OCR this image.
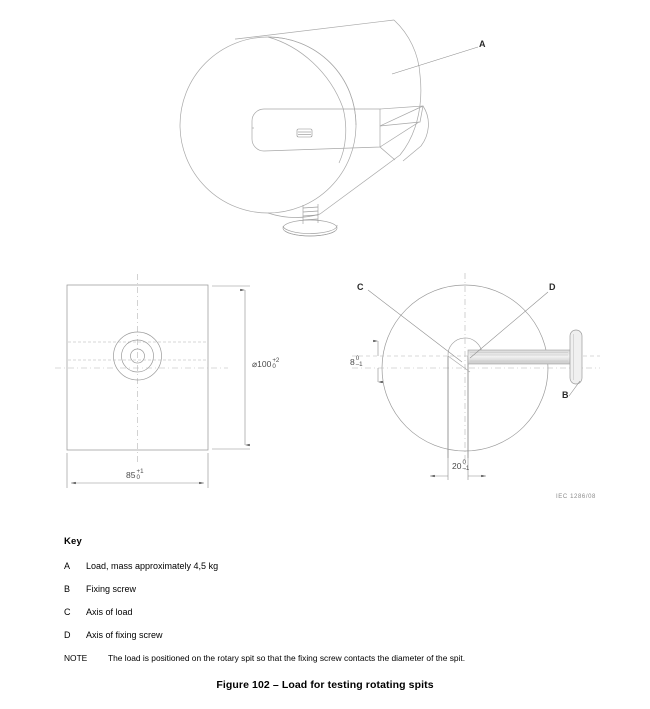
A
C	D
B
⌀100 +2
0
85 +1
0
8 0
–1
20 0
–1
IEC 1286/08
Key
A	Load, mass approximately 4,5 kg
B	Fixing screw
C	Axis of load
D	Axis of fixing screw
NOTE	The load is positioned on the rotary spit so that the fixing screw contacts the diameter of the spit.
Figure 102 – Load for testing rotating spits
